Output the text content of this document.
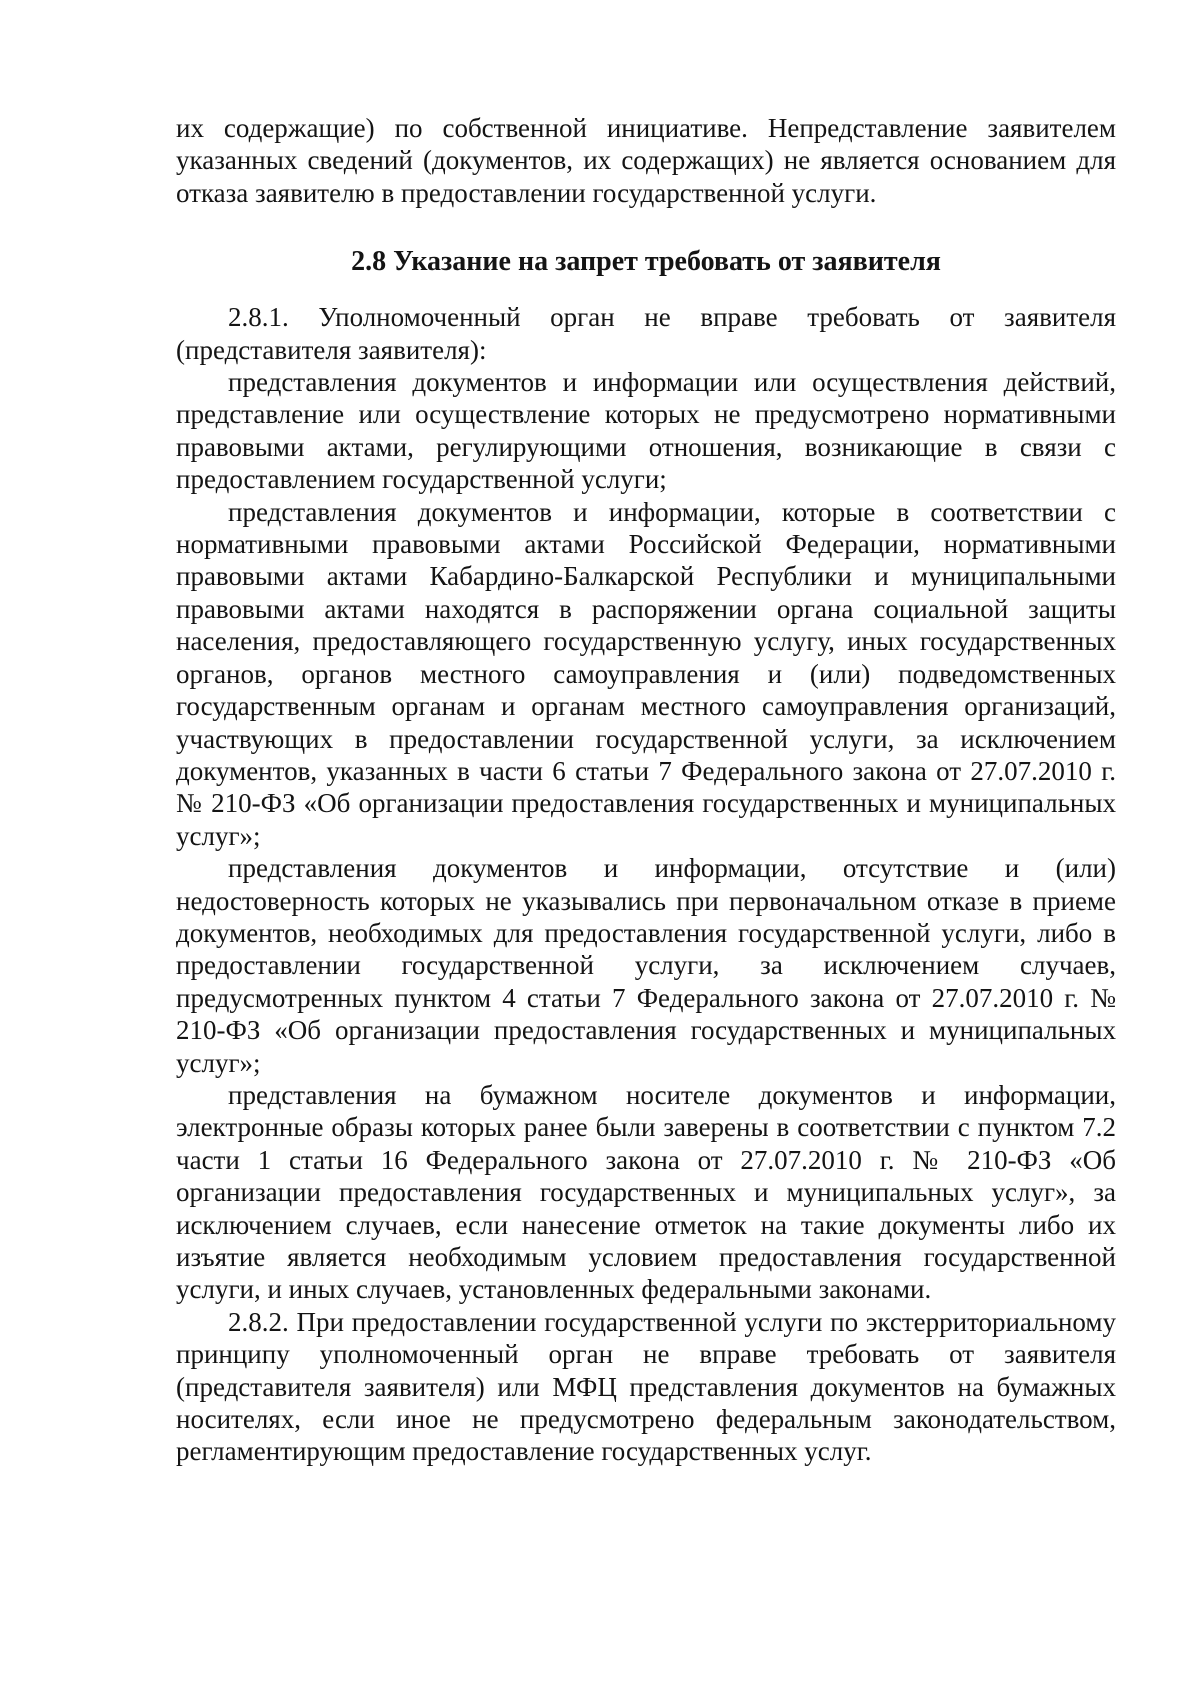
их содержащие) по собственной инициативе. Непредставление заявителем указанных сведений (документов, их содержащих) не является основанием для отказа заявителю в предоставлении государственной услуги.

2.8 Указание на запрет требовать от заявителя

2.8.1. Уполномоченный орган не вправе требовать от заявителя (представителя заявителя):

представления документов и информации или осуществления действий, представление или осуществление которых не предусмотрено нормативными правовыми актами, регулирующими отношения, возникающие в связи с предоставлением государственной услуги;

представления документов и информации, которые в соответствии с нормативными правовыми актами Российской Федерации, нормативными правовыми актами Кабардино-Балкарской Республики и муниципальными правовыми актами находятся в распоряжении органа социальной защиты населения, предоставляющего государственную услугу, иных государственных органов, органов местного самоуправления и (или) подведомственных государственным органам и органам местного самоуправления организаций, участвующих в предоставлении государственной услуги, за исключением документов, указанных в части 6 статьи 7 Федерального закона от 27.07.2010 г. № 210-ФЗ «Об организации предоставления государственных и муниципальных услуг»;

представления документов и информации, отсутствие и (или) недостоверность которых не указывались при первоначальном отказе в приеме документов, необходимых для предоставления государственной услуги, либо в предоставлении государственной услуги, за исключением случаев, предусмотренных пунктом 4 статьи 7 Федерального закона от 27.07.2010 г. № 210-ФЗ «Об организации предоставления государственных и муниципальных услуг»;

представления на бумажном носителе документов и информации, электронные образы которых ранее были заверены в соответствии с пунктом 7.2 части 1 статьи 16 Федерального закона от 27.07.2010 г. № 210-ФЗ «Об организации предоставления государственных и муниципальных услуг», за исключением случаев, если нанесение отметок на такие документы либо их изъятие является необходимым условием предоставления государственной услуги, и иных случаев, установленных федеральными законами.

2.8.2. При предоставлении государственной услуги по экстерриториальному принципу уполномоченный орган не вправе требовать от заявителя (представителя заявителя) или МФЦ представления документов на бумажных носителях, если иное не предусмотрено федеральным законодательством, регламентирующим предоставление государственных услуг.
